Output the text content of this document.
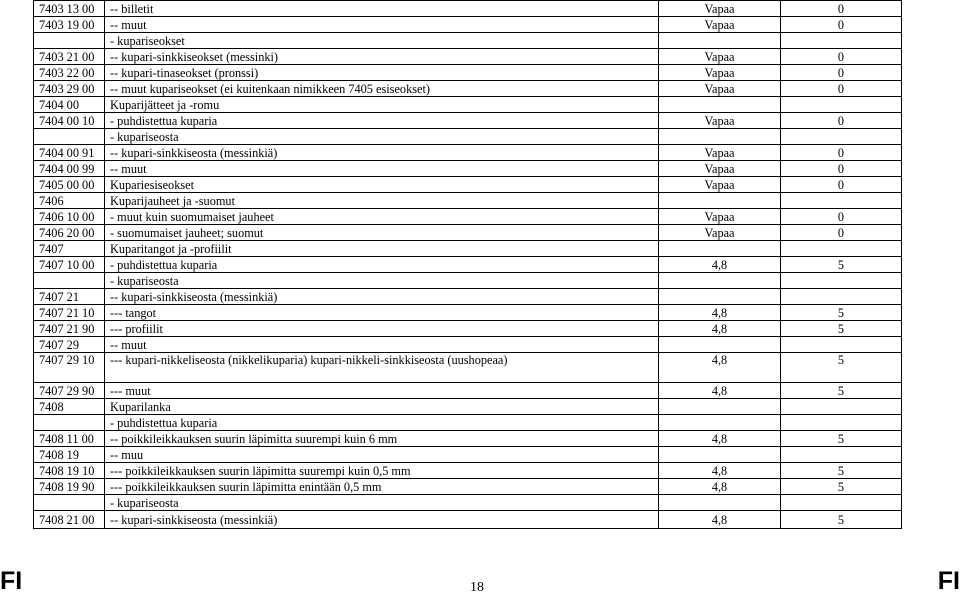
7403 13 00	-- billetit	Vapaa	0
7403 19 00	-- muut	Vapaa	0
	- kupariseokset		
7403 21 00	-- kupari-sinkkiseokset (messinki)	Vapaa	0
7403 22 00	-- kupari-tinaseokset (pronssi)	Vapaa	0
7403 29 00	-- muut kupariseokset (ei kuitenkaan nimikkeen 7405 esiseokset)	Vapaa	0
7404 00	Kuparijätteet ja -romu		
7404 00 10	- puhdistettua kuparia	Vapaa	0
	- kupariseosta		
7404 00 91	-- kupari-sinkkiseosta (messinkiä)	Vapaa	0
7404 00 99	-- muut	Vapaa	0
7405 00 00	Kupariesiseokset	Vapaa	0
7406	Kuparijauheet ja -suomut		
7406 10 00	- muut kuin suomumaiset jauheet	Vapaa	0
7406 20 00	- suomumaiset jauheet; suomut	Vapaa	0
7407	Kuparitangot ja -profiilit		
7407 10 00	- puhdistettua kuparia	4,8	5
	- kupariseosta		
7407 21	-- kupari-sinkkiseosta (messinkiä)		
7407 21 10	--- tangot	4,8	5
7407 21 90	--- profiilit	4,8	5
7407 29	-- muut		
7407 29 10	--- kupari-nikkeliseosta (nikkelikuparia) kupari-nikkeli-sinkkiseosta (uushopeaa)	4,8	5
7407 29 90	--- muut	4,8	5
7408	Kuparilanka		
	- puhdistettua kuparia		
7408 11 00	-- poikkileikkauksen suurin läpimitta suurempi kuin 6 mm	4,8	5
7408 19	-- muu		
7408 19 10	--- poikkileikkauksen suurin läpimitta suurempi kuin 0,5 mm	4,8	5
7408 19 90	--- poikkileikkauksen suurin läpimitta enintään 0,5 mm	4,8	5
	- kupariseosta		
7408 21 00	-- kupari-sinkkiseosta (messinkiä)	4,8	5
FI	18	FI
